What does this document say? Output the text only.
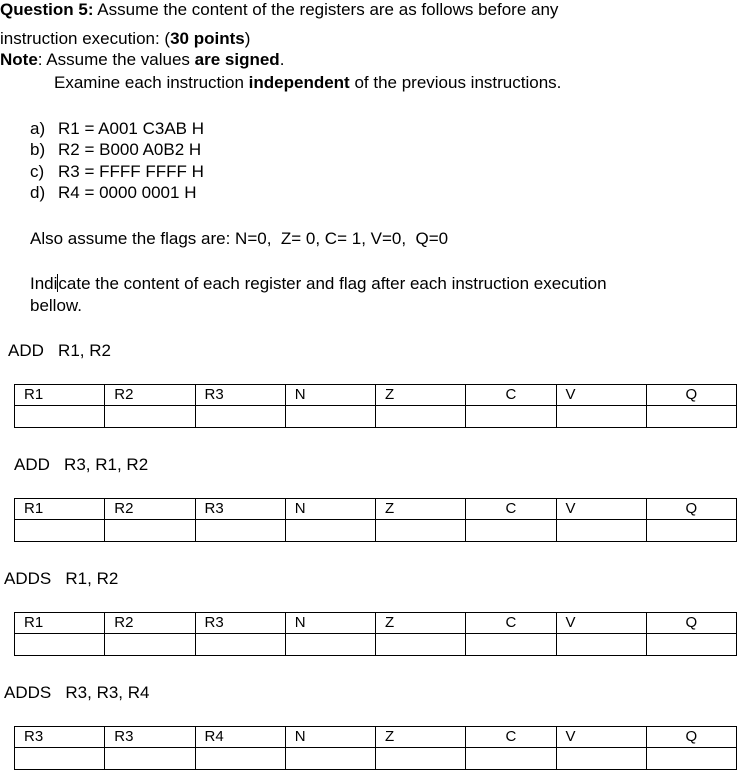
Question 5: Assume the content of the registers are as follows before any
instruction execution: (30 points)
Note: Assume the values are signed.
Examine each instruction independent of the previous instructions.
a) R1 = A001 C3AB H
b) R2 = B000 A0B2 H
c) R3 = FFFF FFFF H
d) R4 = 0000 0001 H
Also assume the flags are: N=0,  Z= 0, C= 1, V=0,  Q=0
Indicate the content of each register and flag after each instruction execution
bellow.
ADD   R1, R2
R1	R2	R3	N	Z	C	V	Q

ADD   R3, R1, R2
R1	R2	R3	N	Z	C	V	Q

ADDS   R1, R2
R1	R2	R3	N	Z	C	V	Q

ADDS   R3, R3, R4
R3	R3	R4	N	Z	C	V	Q
